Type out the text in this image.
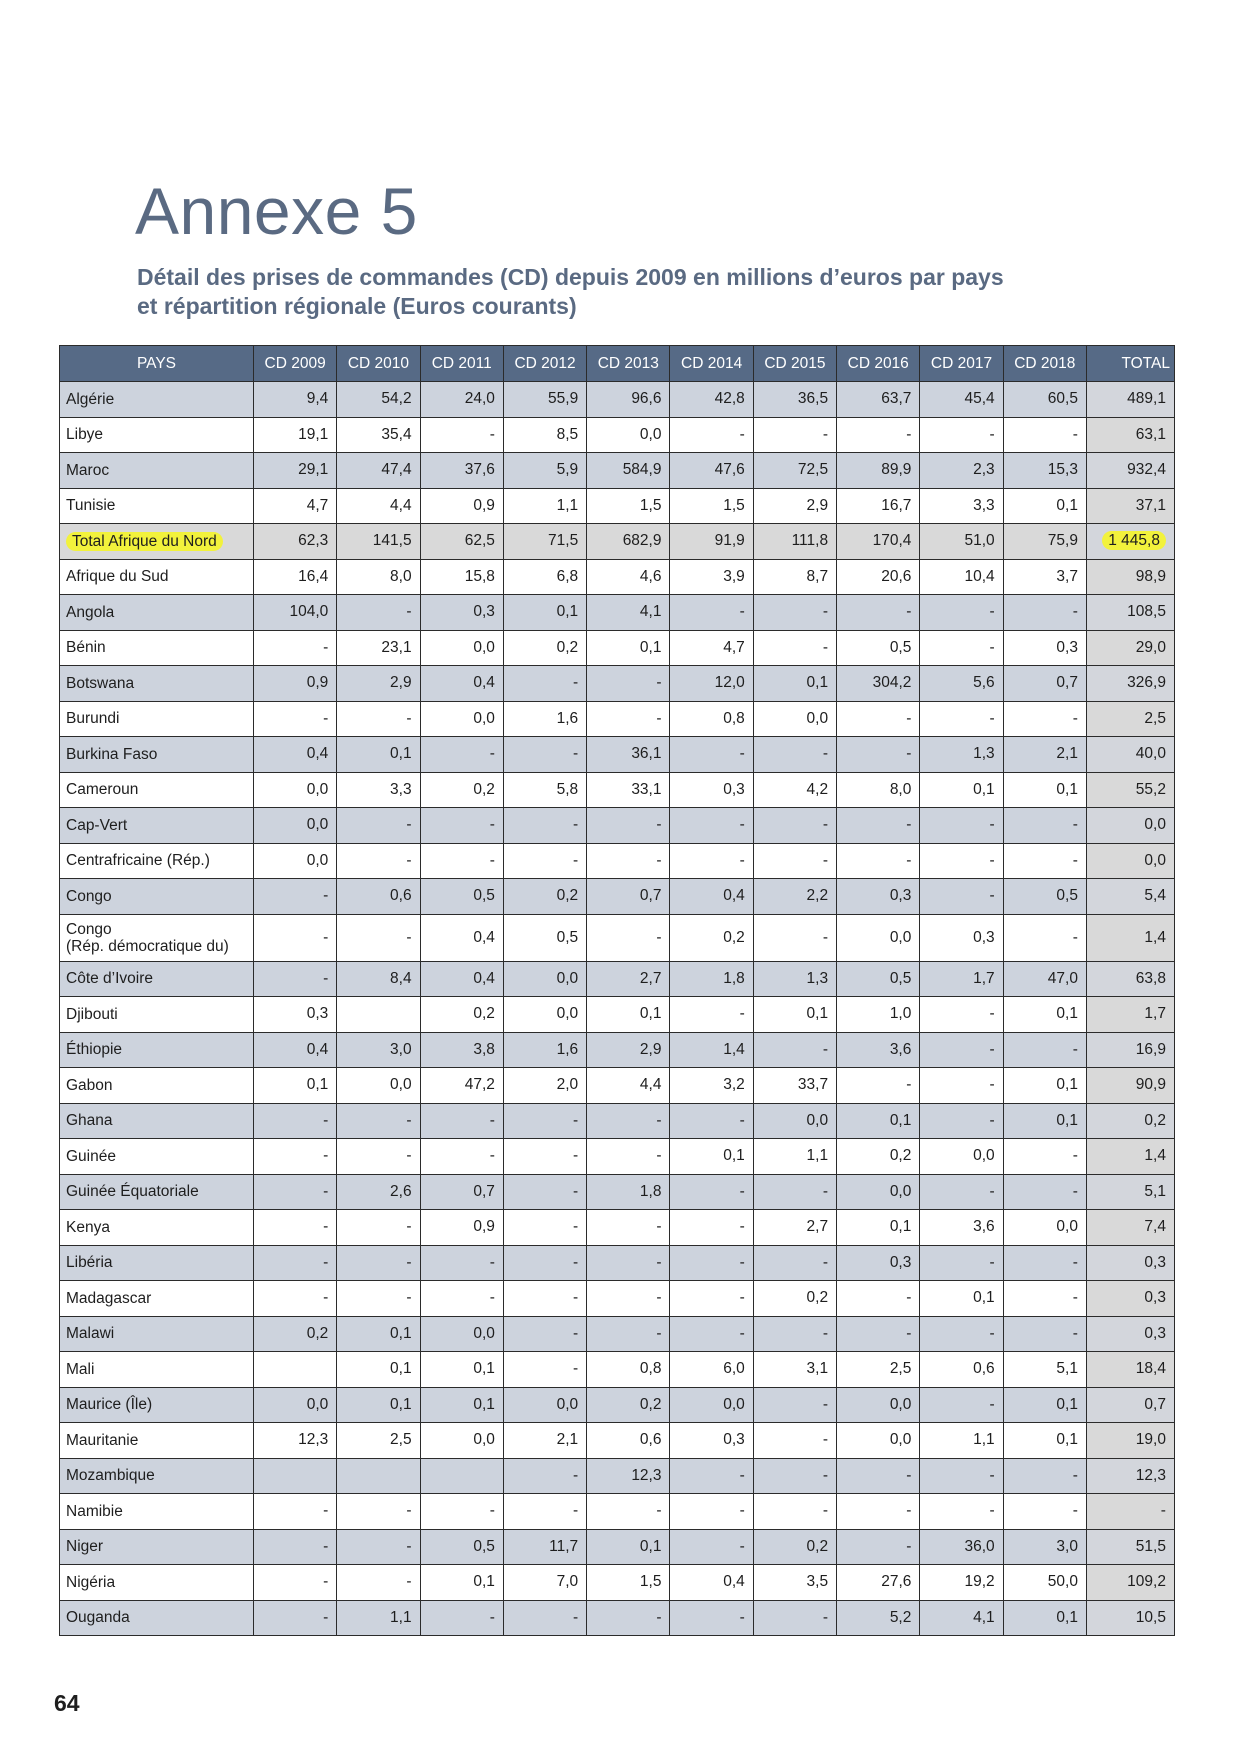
Annexe 5
Détail des prises de commandes (CD) depuis 2009 en millions d’euros par pays
et répartition régionale (Euros courants)
PAYS	CD 2009	CD 2010	CD 2011	CD 2012	CD 2013	CD 2014	CD 2015	CD 2016	CD 2017	CD 2018	TOTAL
Algérie	9,4	54,2	24,0	55,9	96,6	42,8	36,5	63,7	45,4	60,5	489,1
Libye	19,1	35,4	-	8,5	0,0	-	-	-	-	-	63,1
Maroc	29,1	47,4	37,6	5,9	584,9	47,6	72,5	89,9	2,3	15,3	932,4
Tunisie	4,7	4,4	0,9	1,1	1,5	1,5	2,9	16,7	3,3	0,1	37,1
Total Afrique du Nord	62,3	141,5	62,5	71,5	682,9	91,9	111,8	170,4	51,0	75,9	1 445,8
Afrique du Sud	16,4	8,0	15,8	6,8	4,6	3,9	8,7	20,6	10,4	3,7	98,9
Angola	104,0	-	0,3	0,1	4,1	-	-	-	-	-	108,5
Bénin	-	23,1	0,0	0,2	0,1	4,7	-	0,5	-	0,3	29,0
Botswana	0,9	2,9	0,4	-	-	12,0	0,1	304,2	5,6	0,7	326,9
Burundi	-	-	0,0	1,6	-	0,8	0,0	-	-	-	2,5
Burkina Faso	0,4	0,1	-	-	36,1	-	-	-	1,3	2,1	40,0
Cameroun	0,0	3,3	0,2	5,8	33,1	0,3	4,2	8,0	0,1	0,1	55,2
Cap-Vert	0,0	-	-	-	-	-	-	-	-	-	0,0
Centrafricaine (Rép.)	0,0	-	-	-	-	-	-	-	-	-	0,0
Congo	-	0,6	0,5	0,2	0,7	0,4	2,2	0,3	-	0,5	5,4
Congo
(Rép. démocratique du)	-	-	0,4	0,5	-	0,2	-	0,0	0,3	-	1,4
Côte d’Ivoire	-	8,4	0,4	0,0	2,7	1,8	1,3	0,5	1,7	47,0	63,8
Djibouti	0,3		0,2	0,0	0,1	-	0,1	1,0	-	0,1	1,7
Éthiopie	0,4	3,0	3,8	1,6	2,9	1,4	-	3,6	-	-	16,9
Gabon	0,1	0,0	47,2	2,0	4,4	3,2	33,7	-	-	0,1	90,9
Ghana	-	-	-	-	-	-	0,0	0,1	-	0,1	0,2
Guinée	-	-	-	-	-	0,1	1,1	0,2	0,0	-	1,4
Guinée Équatoriale	-	2,6	0,7	-	1,8	-	-	0,0	-	-	5,1
Kenya	-	-	0,9	-	-	-	2,7	0,1	3,6	0,0	7,4
Libéria	-	-	-	-	-	-	-	0,3	-	-	0,3
Madagascar	-	-	-	-	-	-	0,2	-	0,1	-	0,3
Malawi	0,2	0,1	0,0	-	-	-	-	-	-	-	0,3
Mali		0,1	0,1	-	0,8	6,0	3,1	2,5	0,6	5,1	18,4
Maurice (Île)	0,0	0,1	0,1	0,0	0,2	0,0	-	0,0	-	0,1	0,7
Mauritanie	12,3	2,5	0,0	2,1	0,6	0,3	-	0,0	1,1	0,1	19,0
Mozambique				-	12,3	-	-	-	-	-	12,3
Namibie	-	-	-	-	-	-	-	-	-	-	-
Niger	-	-	0,5	11,7	0,1	-	0,2	-	36,0	3,0	51,5
Nigéria	-	-	0,1	7,0	1,5	0,4	3,5	27,6	19,2	50,0	109,2
Ouganda	-	1,1	-	-	-	-	-	5,2	4,1	0,1	10,5
64
